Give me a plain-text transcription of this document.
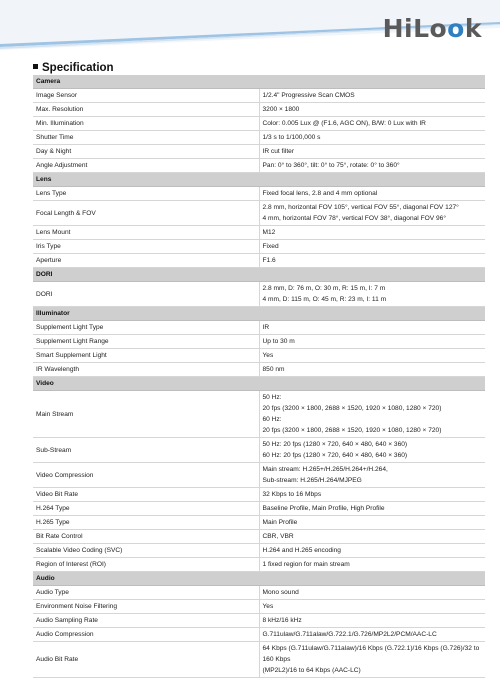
HiLook
Specification
Camera	
Image Sensor	1/2.4" Progressive Scan CMOS

Max. Resolution	3200 × 1800

Min. Illumination	Color: 0.005 Lux @ (F1.6, AGC ON), B/W: 0 Lux with IR

Shutter Time	1/3 s to 1/100,000 s

Day & Night	IR cut filter

Angle Adjustment	Pan: 0° to 360°, tilt: 0° to 75°, rotate: 0° to 360°

Lens	
Lens Type	Fixed focal lens, 2.8 and 4 mm optional

Focal Length & FOV	2.8 mm, horizontal FOV 105°, vertical FOV 55°, diagonal FOV 127°
4 mm, horizontal FOV 78°, vertical FOV 38°, diagonal FOV 96°

Lens Mount	M12

Iris Type	Fixed

Aperture	F1.6

DORI	
DORI	2.8 mm, D: 76 m, O: 30 m, R: 15 m, I: 7 m
4 mm, D: 115 m, O: 45 m, R: 23 m, I: 11 m

Illuminator	
Supplement Light Type	IR

Supplement Light Range	Up to 30 m

Smart Supplement Light	Yes

IR Wavelength	850 nm

Video	
Main Stream	50 Hz:
20 fps (3200 × 1800, 2688 × 1520, 1920 × 1080, 1280 × 720)
60 Hz:
20 fps (3200 × 1800, 2688 × 1520, 1920 × 1080, 1280 × 720)

Sub-Stream	50 Hz: 20 fps (1280 × 720, 640 × 480, 640 × 360)
60 Hz: 20 fps (1280 × 720, 640 × 480, 640 × 360)

Video Compression	Main stream: H.265+/H.265/H.264+/H.264,
Sub-stream: H.265/H.264/MJPEG

Video Bit Rate	32 Kbps to 16 Mbps

H.264 Type	Baseline Profile, Main Profile, High Profile

H.265 Type	Main Profile

Bit Rate Control	CBR, VBR

Scalable Video Coding (SVC)	H.264 and H.265 encoding

Region of Interest (ROI)	1 fixed region for main stream

Audio	
Audio Type	Mono sound

Environment Noise Filtering	Yes

Audio Sampling Rate	8 kHz/16 kHz

Audio Compression	G.711ulaw/G.711alaw/G.722.1/G.726/MP2L2/PCM/AAC-LC

Audio Bit Rate	64 Kbps (G.711ulaw/G.711alaw)/16 Kbps (G.722.1)/16 Kbps (G.726)/32 to 160 Kbps
(MP2L2)/16 to 64 Kbps (AAC-LC)
